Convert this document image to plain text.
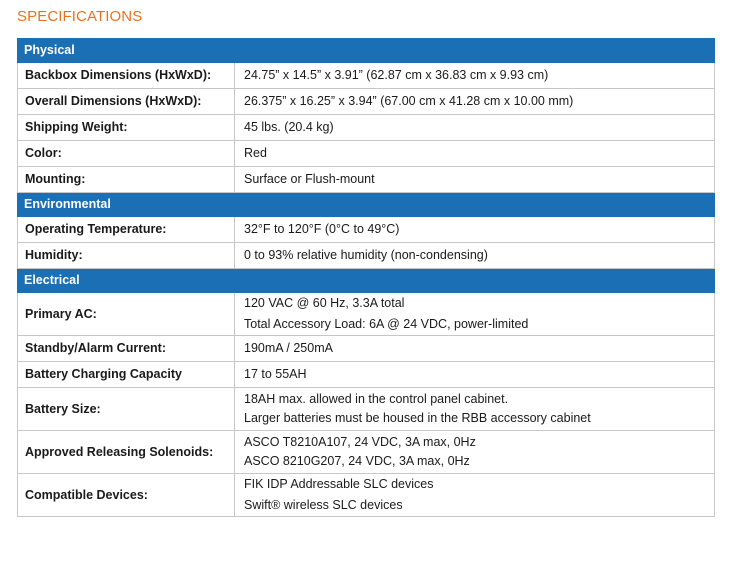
SPECIFICATIONS
Physical	
Backbox Dimensions (HxWxD):	24.75” x 14.5” x 3.91” (62.87 cm x 36.83 cm x 9.93 cm)
Overall Dimensions (HxWxD):	26.375” x 16.25” x 3.94” (67.00 cm x 41.28 cm x 10.00 mm)
Shipping Weight:	45 lbs. (20.4 kg)
Color:	Red
Mounting:	Surface or Flush-mount
Environmental	
Operating Temperature:	32°F to 120°F (0°C to 49°C)
Humidity:	0 to 93% relative humidity (non-condensing)
Electrical	
Primary AC:	120 VAC @ 60 Hz, 3.3A total
Total Accessory Load: 6A @ 24 VDC, power-limited

Standby/Alarm Current:	190mA / 250mA
Battery Charging Capacity	17 to 55AH
Battery Size:	18AH max. allowed in the control panel cabinet.
Larger batteries must be housed in the RBB accessory cabinet

Approved Releasing Solenoids:	ASCO T8210A107, 24 VDC, 3A max, 0Hz
ASCO 8210G207, 24 VDC, 3A max, 0Hz

Compatible Devices:	FIK IDP Addressable SLC devices
Swift® wireless SLC devices
